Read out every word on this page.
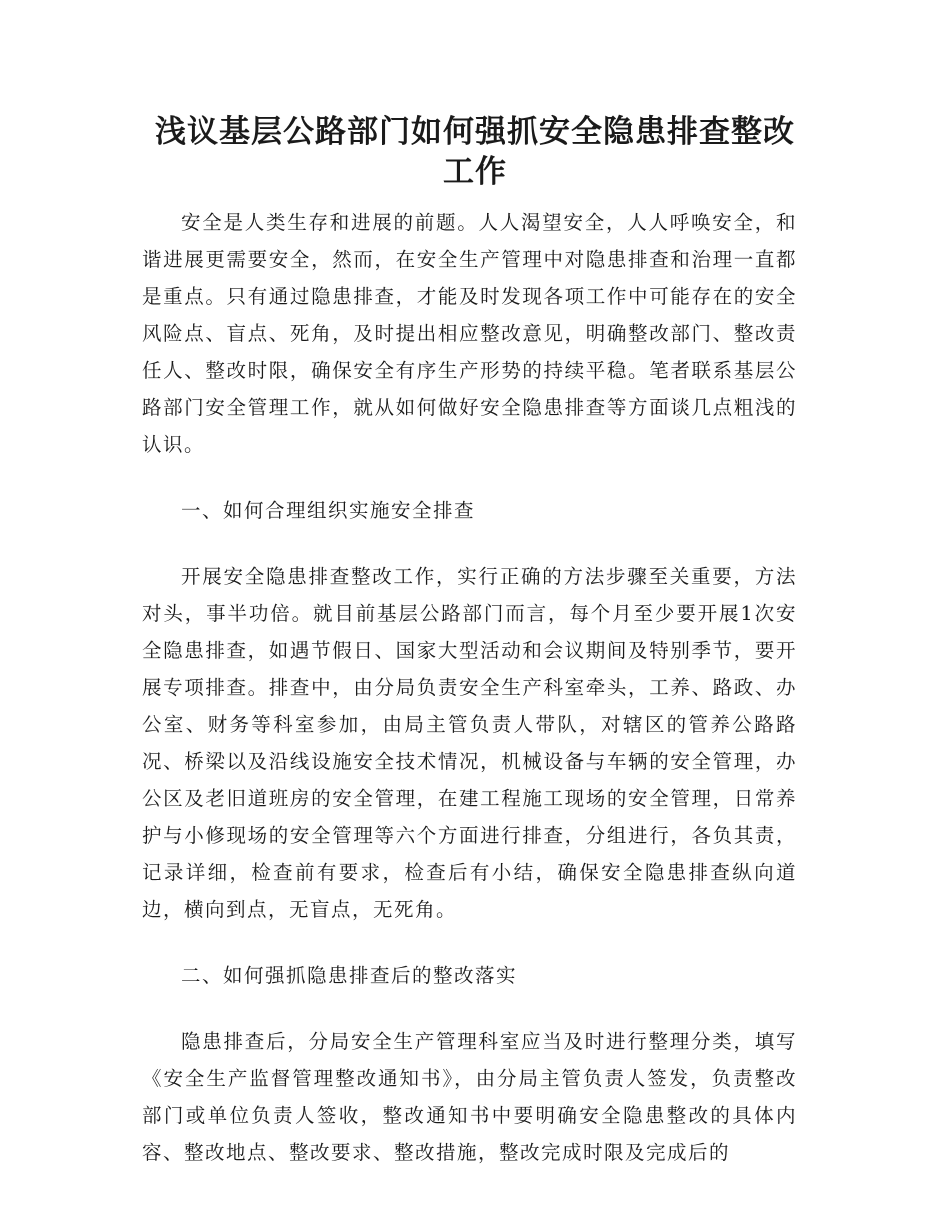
浅议基层公路部门如何强抓安全隐患排查整改工作

安全是人类生存和进展的前题。人人渴望安全，人人呼唤安全，和谐进展更需要安全，然而，在安全生产管理中对隐患排查和治理一直都是重点。只有通过隐患排查，才能及时发现各项工作中可能存在的安全风险点、盲点、死角，及时提出相应整改意见，明确整改部门、整改责任人、整改时限，确保安全有序生产形势的持续平稳。笔者联系基层公路部门安全管理工作，就从如何做好安全隐患排查等方面谈几点粗浅的认识。

一、如何合理组织实施安全排查

开展安全隐患排查整改工作，实行正确的方法步骤至关重要，方法对头，事半功倍。就目前基层公路部门而言，每个月至少要开展1次安全隐患排查，如遇节假日、国家大型活动和会议期间及特别季节，要开展专项排查。排查中，由分局负责安全生产科室牵头，工养、路政、办公室、财务等科室参加，由局主管负责人带队，对辖区的管养公路路况、桥梁以及沿线设施安全技术情况，机械设备与车辆的安全管理，办公区及老旧道班房的安全管理，在建工程施工现场的安全管理，日常养护与小修现场的安全管理等六个方面进行排查，分组进行，各负其责，记录详细，检查前有要求，检查后有小结，确保安全隐患排查纵向道边，横向到点，无盲点，无死角。

二、如何强抓隐患排查后的整改落实

隐患排查后，分局安全生产管理科室应当及时进行整理分类，填写《安全生产监督管理整改通知书》，由分局主管负责人签发，负责整改部门或单位负责人签收，整改通知书中要明确安全隐患整改的具体内容、整改地点、整改要求、整改措施，整改完成时限及完成后的
